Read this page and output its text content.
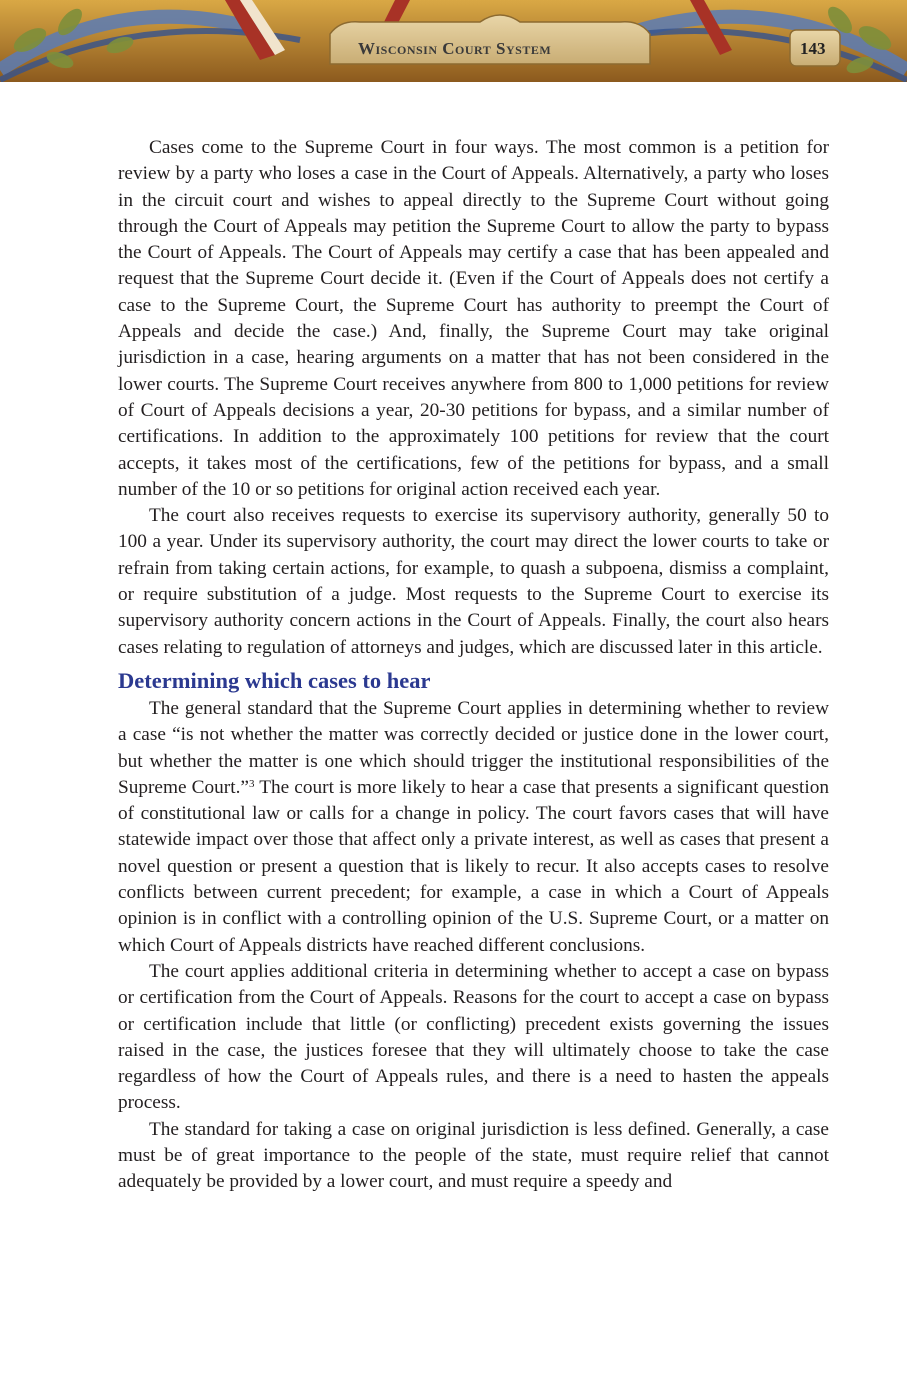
Wisconsin Court System	143

Cases come to the Supreme Court in four ways. The most common is a petition for review by a party who loses a case in the Court of Appeals. Alternatively, a party who loses in the circuit court and wishes to appeal directly to the Supreme Court without going through the Court of Appeals may petition the Supreme Court to allow the party to bypass the Court of Appeals. The Court of Appeals may certify a case that has been appealed and request that the Supreme Court decide it. (Even if the Court of Appeals does not certify a case to the Supreme Court, the Supreme Court has authority to preempt the Court of Appeals and decide the case.) And, finally, the Supreme Court may take original jurisdiction in a case, hearing arguments on a matter that has not been considered in the lower courts. The Supreme Court receives anywhere from 800 to 1,000 petitions for review of Court of Appeals decisions a year, 20-30 petitions for bypass, and a similar number of certifications. In addition to the approximately 100 petitions for review that the court accepts, it takes most of the certifications, few of the petitions for bypass, and a small number of the 10 or so petitions for original action received each year.

The court also receives requests to exercise its supervisory authority, generally 50 to 100 a year. Under its supervisory authority, the court may direct the lower courts to take or refrain from taking certain actions, for example, to quash a subpoena, dismiss a complaint, or require substitution of a judge. Most requests to the Supreme Court to exercise its supervisory authority concern actions in the Court of Appeals. Finally, the court also hears cases relating to regulation of attorneys and judges, which are discussed later in this article.

Determining which cases to hear

The general standard that the Supreme Court applies in determining whether to review a case “is not whether the matter was correctly decided or justice done in the lower court, but whether the matter is one which should trigger the institutional responsibilities of the Supreme Court.”$^3$ The court is more likely to hear a case that presents a significant question of constitutional law or calls for a change in policy. The court favors cases that will have statewide impact over those that affect only a private interest, as well as cases that present a novel question or present a question that is likely to recur. It also accepts cases to resolve conflicts between current precedent; for example, a case in which a Court of Appeals opinion is in conflict with a controlling opinion of the U.S. Supreme Court, or a matter on which Court of Appeals districts have reached different conclusions.

The court applies additional criteria in determining whether to accept a case on bypass or certification from the Court of Appeals. Reasons for the court to accept a case on bypass or certification include that little (or conflicting) precedent exists governing the issues raised in the case, the justices foresee that they will ultimately choose to take the case regardless of how the Court of Appeals rules, and there is a need to hasten the appeals process.

The standard for taking a case on original jurisdiction is less defined. Generally, a case must be of great importance to the people of the state, must require relief that cannot adequately be provided by a lower court, and must require a speedy and
